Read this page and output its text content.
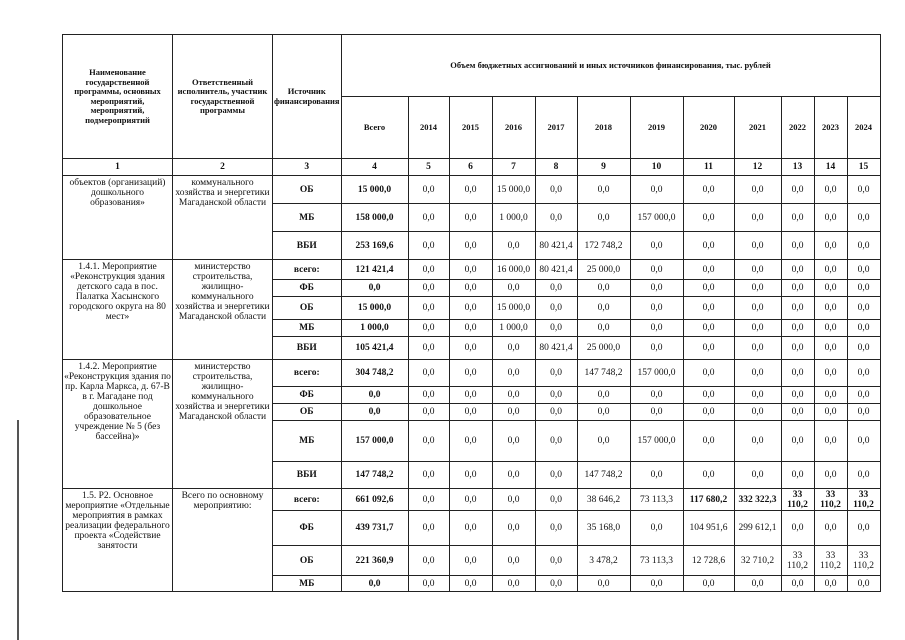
Наименование государственной программы, основных мероприятий, мероприятий, подмероприятий	Ответственный исполнитель, участник государственной программы	Источник финансирования	Объем бюджетных ассигнований и иных источников финансирования, тыс. рублей											
			Всего	2014	2015	2016	2017	2018	2019	2020	2021	2022	2023	2024
1	2	3	4	5	6	7	8	9	10	11	12	13	14	15
объектов (организаций) дошкольного образования»	коммунального хозяйства и энергетики Магаданской области	ОБ	15 000,0	0,0	0,0	15 000,0	0,0	0,0	0,0	0,0	0,0	0,0	0,0	0,0
		МБ	158 000,0	0,0	0,0	1 000,0	0,0	0,0	157 000,0	0,0	0,0	0,0	0,0	0,0
		ВБИ	253 169,6	0,0	0,0	0,0	80 421,4	172 748,2	0,0	0,0	0,0	0,0	0,0	0,0
1.4.1. Мероприятие «Реконструкция здания детского сада в пос. Палатка Хасынского городского округа на 80 мест»	министерство строительства, жилищно-коммунального хозяйства и энергетики Магаданской области	всего:	121 421,4	0,0	0,0	16 000,0	80 421,4	25 000,0	0,0	0,0	0,0	0,0	0,0	0,0
		ФБ	0,0	0,0	0,0	0,0	0,0	0,0	0,0	0,0	0,0	0,0	0,0	0,0
		ОБ	15 000,0	0,0	0,0	15 000,0	0,0	0,0	0,0	0,0	0,0	0,0	0,0	0,0
		МБ	1 000,0	0,0	0,0	1 000,0	0,0	0,0	0,0	0,0	0,0	0,0	0,0	0,0
		ВБИ	105 421,4	0,0	0,0	0,0	80 421,4	25 000,0	0,0	0,0	0,0	0,0	0,0	0,0
1.4.2. Мероприятие «Реконструкция здания по пр. Карла Маркса, д. 67-В в г. Магадане под дошкольное образовательное учреждение № 5 (без бассейна)»	министерство строительства, жилищно-коммунального хозяйства и энергетики Магаданской области	всего:	304 748,2	0,0	0,0	0,0	0,0	147 748,2	157 000,0	0,0	0,0	0,0	0,0	0,0
		ФБ	0,0	0,0	0,0	0,0	0,0	0,0	0,0	0,0	0,0	0,0	0,0	0,0
		ОБ	0,0	0,0	0,0	0,0	0,0	0,0	0,0	0,0	0,0	0,0	0,0	0,0
		МБ	157 000,0	0,0	0,0	0,0	0,0	0,0	157 000,0	0,0	0,0	0,0	0,0	0,0
		ВБИ	147 748,2	0,0	0,0	0,0	0,0	147 748,2	0,0	0,0	0,0	0,0	0,0	0,0
1.5. Р2. Основное мероприятие «Отдельные мероприятия в рамках реализации федерального проекта «Содействие занятости	Всего по основному мероприятию:	всего:	661 092,6	0,0	0,0	0,0	0,0	38 646,2	73 113,3	117 680,2	332 322,3	33 110,2	33 110,2	33 110,2
		ФБ	439 731,7	0,0	0,0	0,0	0,0	35 168,0	0,0	104 951,6	299 612,1	0,0	0,0	0,0
		ОБ	221 360,9	0,0	0,0	0,0	0,0	3 478,2	73 113,3	12 728,6	32 710,2	33 110,2	33 110,2	33 110,2
		МБ	0,0	0,0	0,0	0,0	0,0	0,0	0,0	0,0	0,0	0,0	0,0	0,0
